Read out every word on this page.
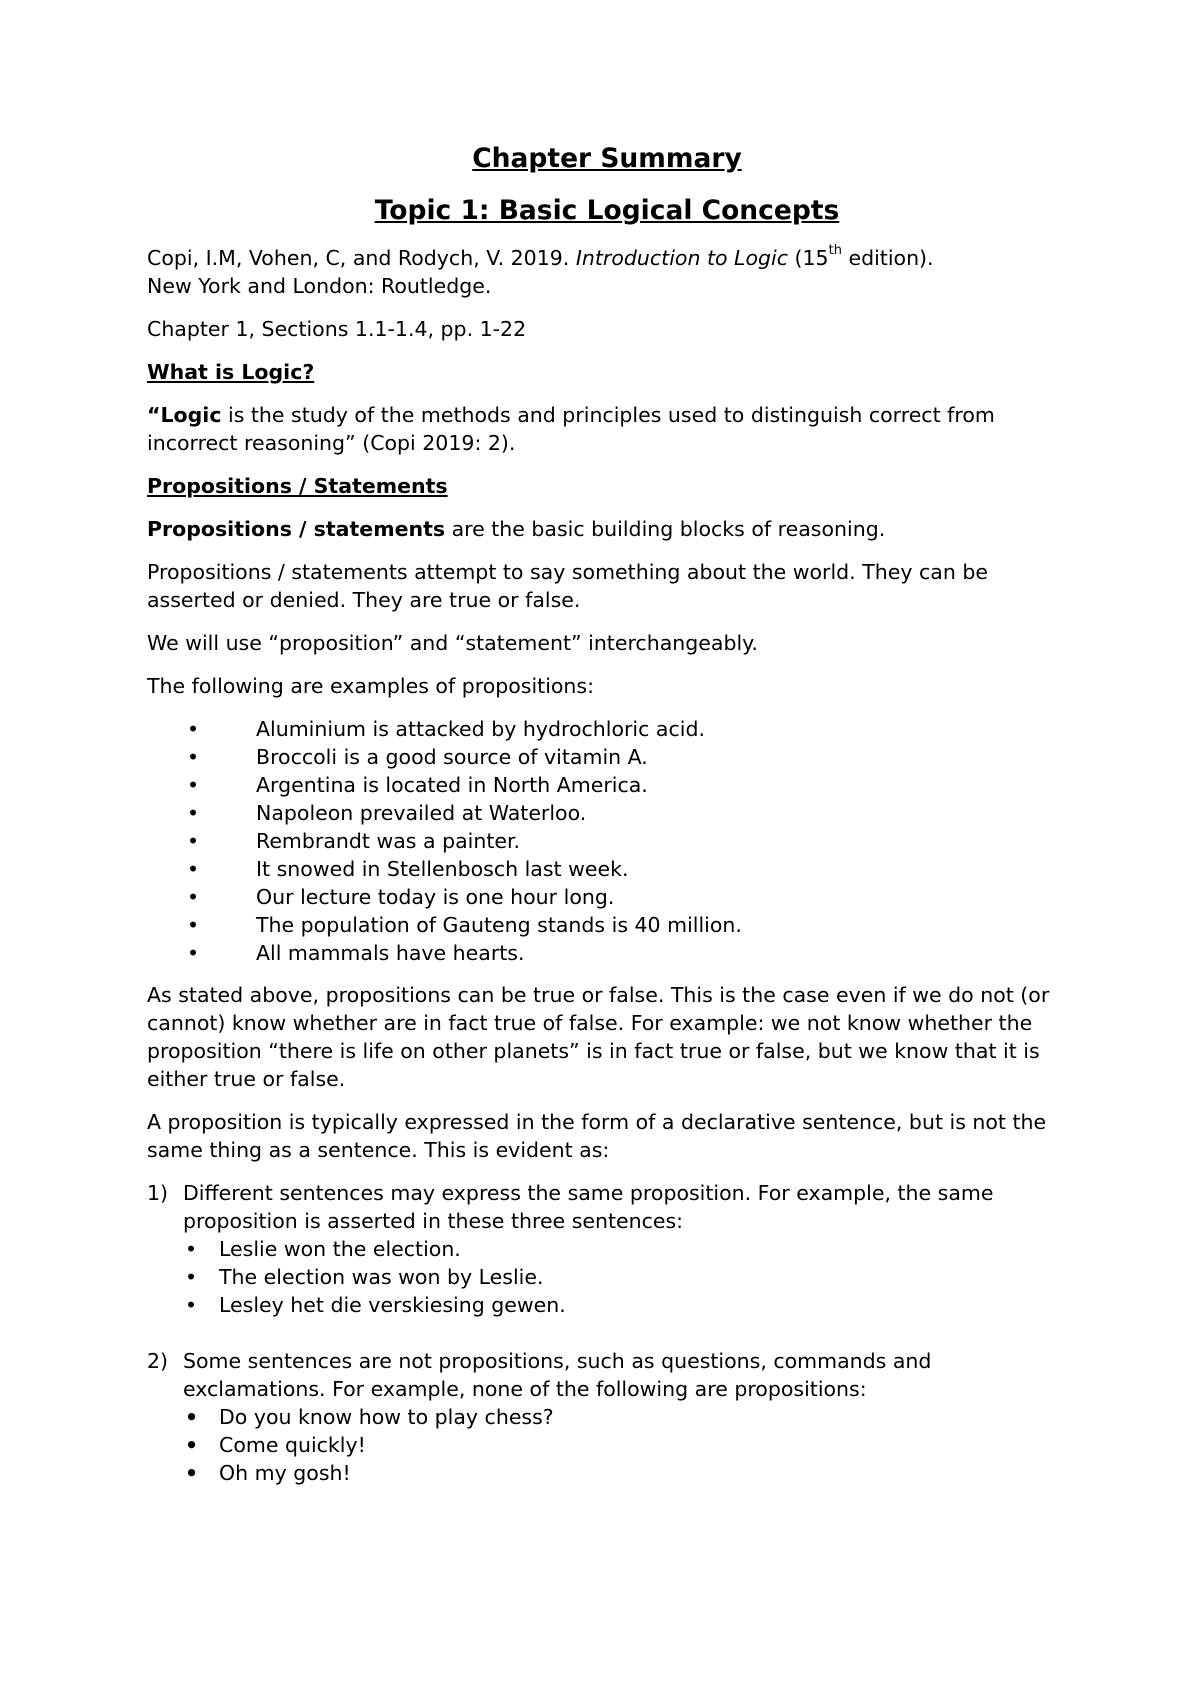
Chapter Summary
Topic 1: Basic Logical Concepts

Copi, I.M, Vohen, C, and Rodych, V. 2019. Introduction to Logic (15th edition).
New York and London: Routledge.

Chapter 1, Sections 1.1-1.4, pp. 1-22

What is Logic?

“Logic is the study of the methods and principles used to distinguish correct from incorrect reasoning” (Copi 2019: 2).

Propositions / Statements

Propositions / statements are the basic building blocks of reasoning.

Propositions / statements attempt to say something about the world. They can be asserted or denied. They are true or false.

We will use “proposition” and “statement” interchangeably.

The following are examples of propositions:

•	Aluminium is attacked by hydrochloric acid.
•	Broccoli is a good source of vitamin A.
•	Argentina is located in North America.
•	Napoleon prevailed at Waterloo.
•	Rembrandt was a painter.
•	It snowed in Stellenbosch last week.
•	Our lecture today is one hour long.
•	The population of Gauteng stands is 40 million.
•	All mammals have hearts.

As stated above, propositions can be true or false. This is the case even if we do not (or cannot) know whether are in fact true of false. For example: we not know whether the proposition “there is life on other planets” is in fact true or false, but we know that it is either true or false.

A proposition is typically expressed in the form of a declarative sentence, but is not the same thing as a sentence. This is evident as:

1) Different sentences may express the same proposition. For example, the same proposition is asserted in these three sentences:
• Leslie won the election.
• The election was won by Leslie.
• Lesley het die verskiesing gewen.
2) Some sentences are not propositions, such as questions, commands and exclamations. For example, none of the following are propositions:
• Do you know how to play chess?
• Come quickly!
• Oh my gosh!
